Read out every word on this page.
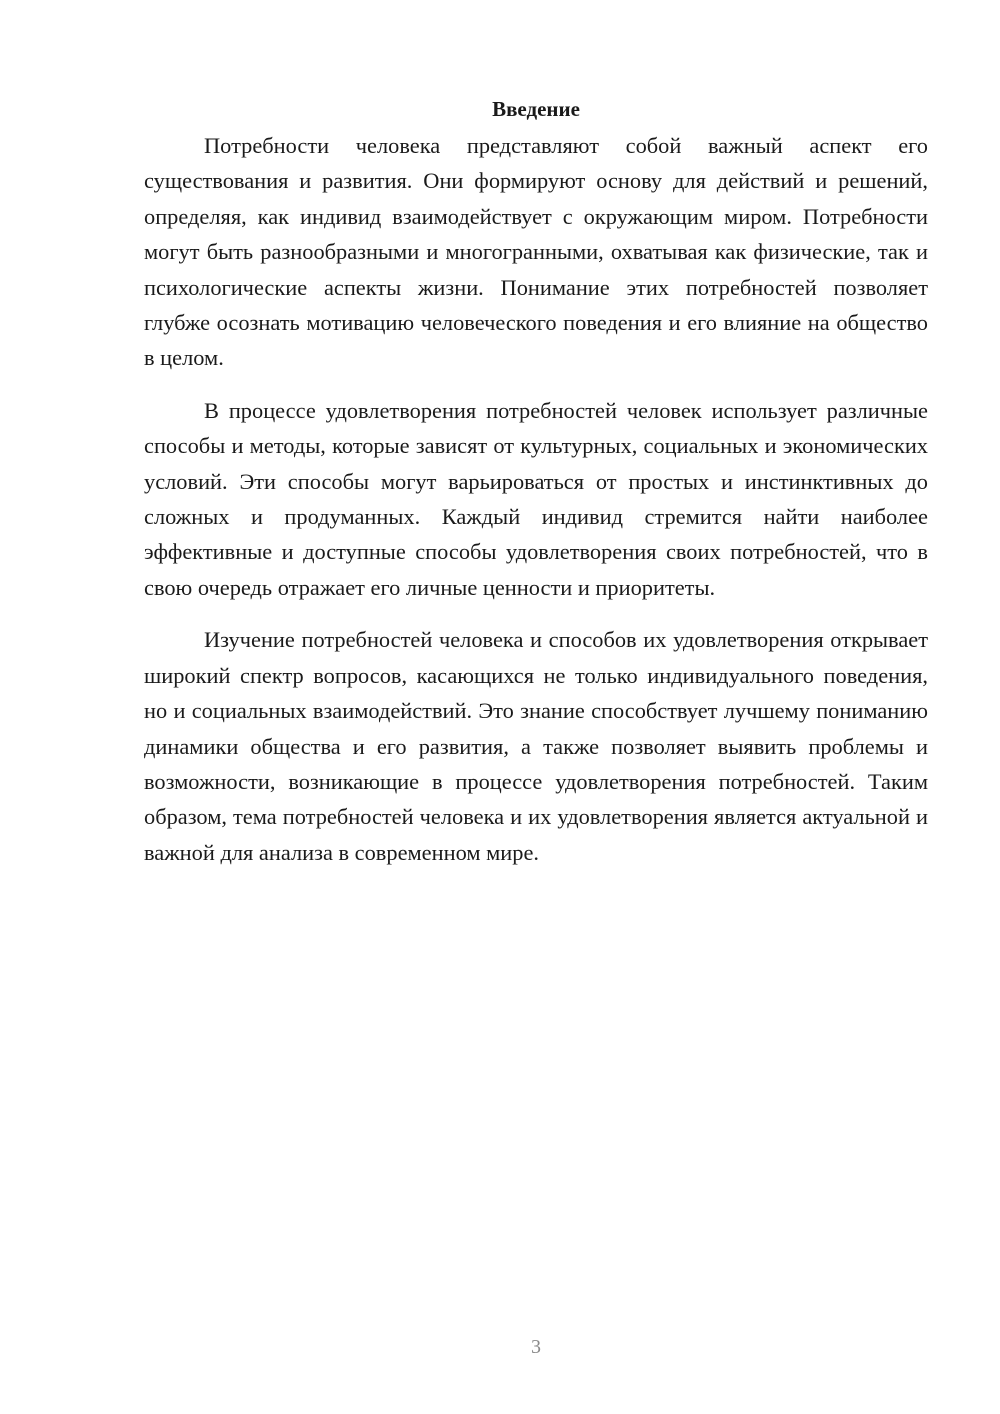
Введение

Потребности человека представляют собой важный аспект его существования и развития. Они формируют основу для действий и решений, определяя, как индивид взаимодействует с окружающим миром. Потребности могут быть разнообразными и многогранными, охватывая как физические, так и психологические аспекты жизни. Понимание этих потребностей позволяет глубже осознать мотивацию человеческого поведения и его влияние на общество в целом.

В процессе удовлетворения потребностей человек использует различные способы и методы, которые зависят от культурных, социальных и экономических условий. Эти способы могут варьироваться от простых и инстинктивных до сложных и продуманных. Каждый индивид стремится найти наиболее эффективные и доступные способы удовлетворения своих потребностей, что в свою очередь отражает его личные ценности и приоритеты.

Изучение потребностей человека и способов их удовлетворения открывает широкий спектр вопросов, касающихся не только индивидуального поведения, но и социальных взаимодействий. Это знание способствует лучшему пониманию динамики общества и его развития, а также позволяет выявить проблемы и возможности, возникающие в процессе удовлетворения потребностей. Таким образом, тема потребностей человека и их удовлетворения является актуальной и важной для анализа в современном мире.

3
